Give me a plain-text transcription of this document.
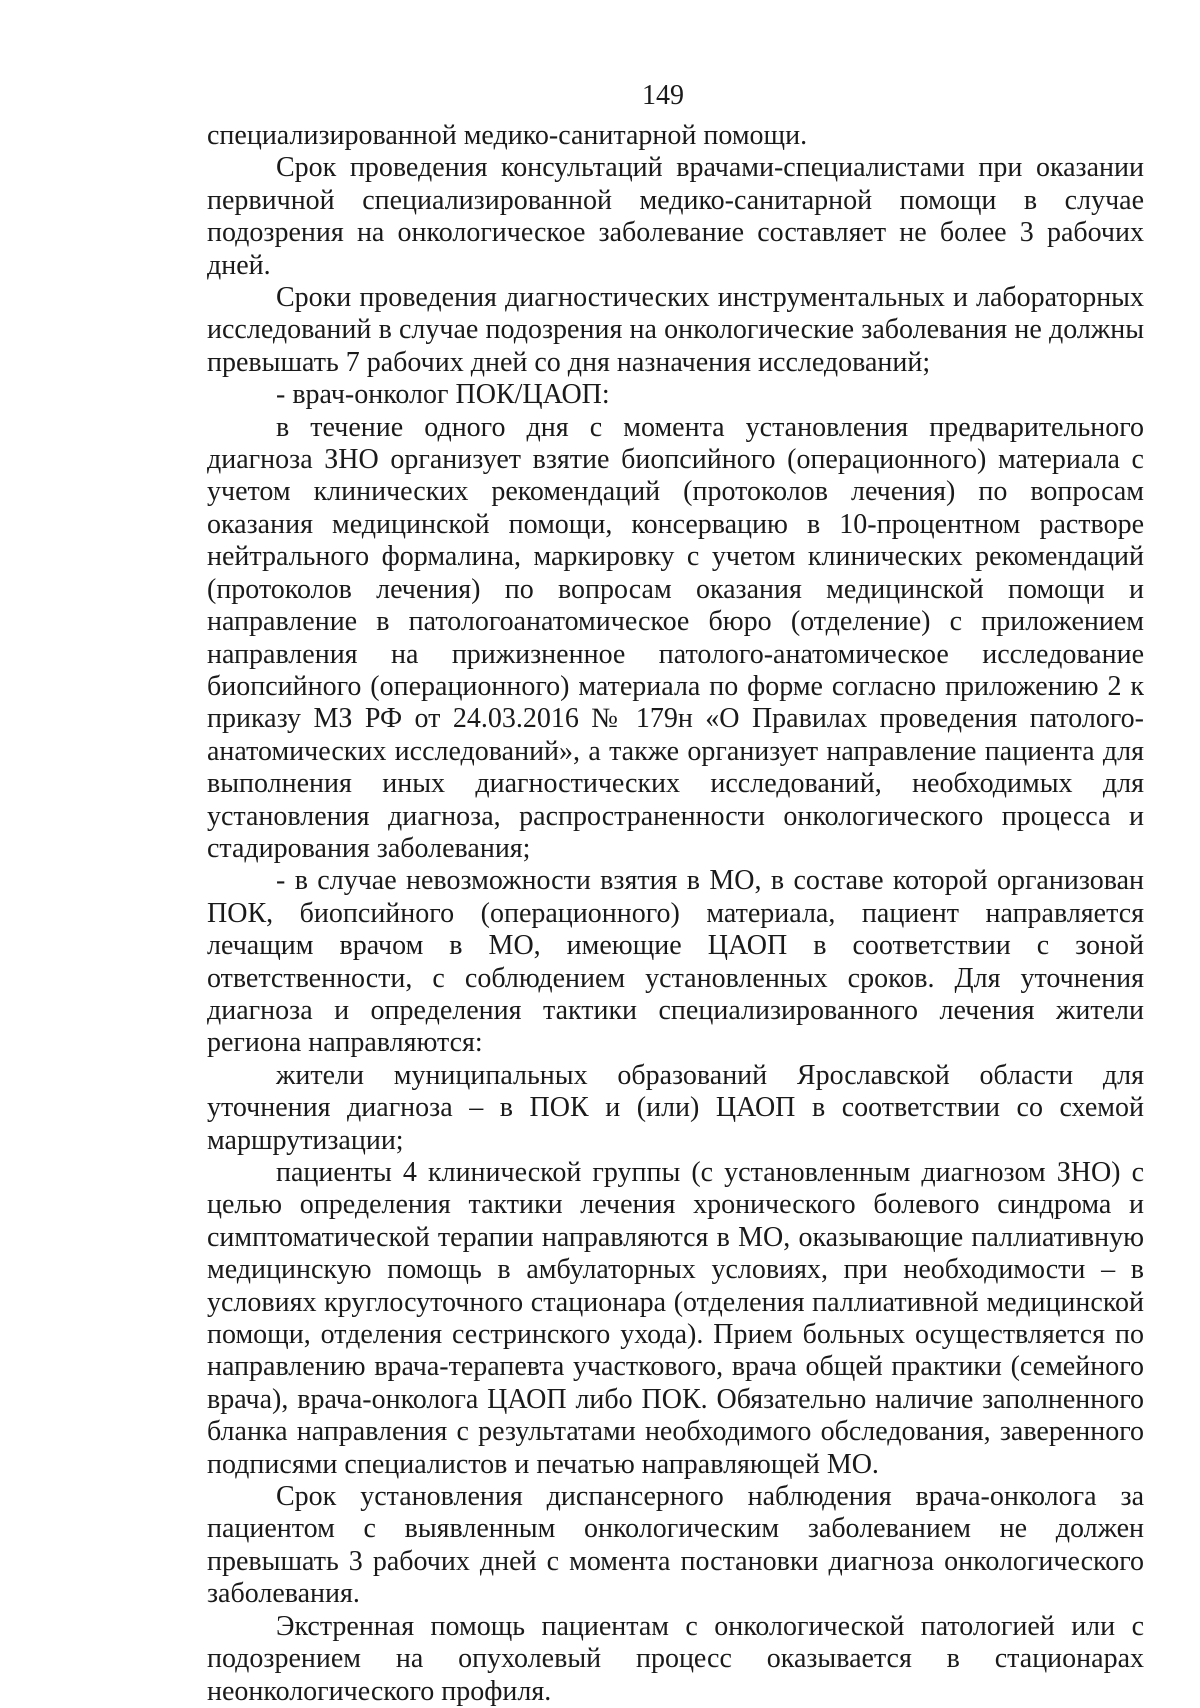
149

специализированной медико-санитарной помощи.

Срок проведения консультаций врачами-специалистами при оказании первичной специализированной медико-санитарной помощи в случае подозрения на онкологическое заболевание составляет не более 3 рабочих дней.

Сроки проведения диагностических инструментальных и лабораторных исследований в случае подозрения на онкологические заболевания не должны превышать 7 рабочих дней со дня назначения исследований;

- врач-онколог ПОК/ЦАОП:

в течение одного дня с момента установления предварительного диагноза ЗНО организует взятие биопсийного (операционного) материала с учетом клинических рекомендаций (протоколов лечения) по вопросам оказания медицинской помощи, консервацию в 10-процентном растворе нейтрального формалина, маркировку с учетом клинических рекомендаций (протоколов лечения) по вопросам оказания медицинской помощи и направление в патологоанатомическое бюро (отделение) с приложением направления на прижизненное патолого-анатомическое исследование биопсийного (операционного) материала по форме согласно приложению 2 к приказу МЗ РФ от 24.03.2016 № 179н «О Правилах проведения патолого-анатомических исследований», а также организует направление пациента для выполнения иных диагностических исследований, необходимых для установления диагноза, распространенности онкологического процесса и стадирования заболевания;

- в случае невозможности взятия в МО, в составе которой организован ПОК, биопсийного (операционного) материала, пациент направляется лечащим врачом в МО, имеющие ЦАОП в соответствии с зоной ответственности, с соблюдением установленных сроков. Для уточнения диагноза и определения тактики специализированного лечения жители региона направляются:

жители муниципальных образований Ярославской области для уточнения диагноза – в ПОК и (или) ЦАОП в соответствии со схемой маршрутизации;

пациенты 4 клинической группы (с установленным диагнозом ЗНО) с целью определения тактики лечения хронического болевого синдрома и симптоматической терапии направляются в МО, оказывающие паллиативную медицинскую помощь в амбулаторных условиях, при необходимости – в условиях круглосуточного стационара (отделения паллиативной медицинской помощи, отделения сестринского ухода). Прием больных осуществляется по направлению врача-терапевта участкового, врача общей практики (семейного врача), врача-онколога ЦАОП либо ПОК. Обязательно наличие заполненного бланка направления с результатами необходимого обследования, заверенного подписями специалистов и печатью направляющей МО.

Срок установления диспансерного наблюдения врача-онколога за пациентом с выявленным онкологическим заболеванием не должен превышать 3 рабочих дней с момента постановки диагноза онкологического заболевания.

Экстренная помощь пациентам с онкологической патологией или с подозрением на опухолевый процесс оказывается в стационарах неонкологического профиля.
